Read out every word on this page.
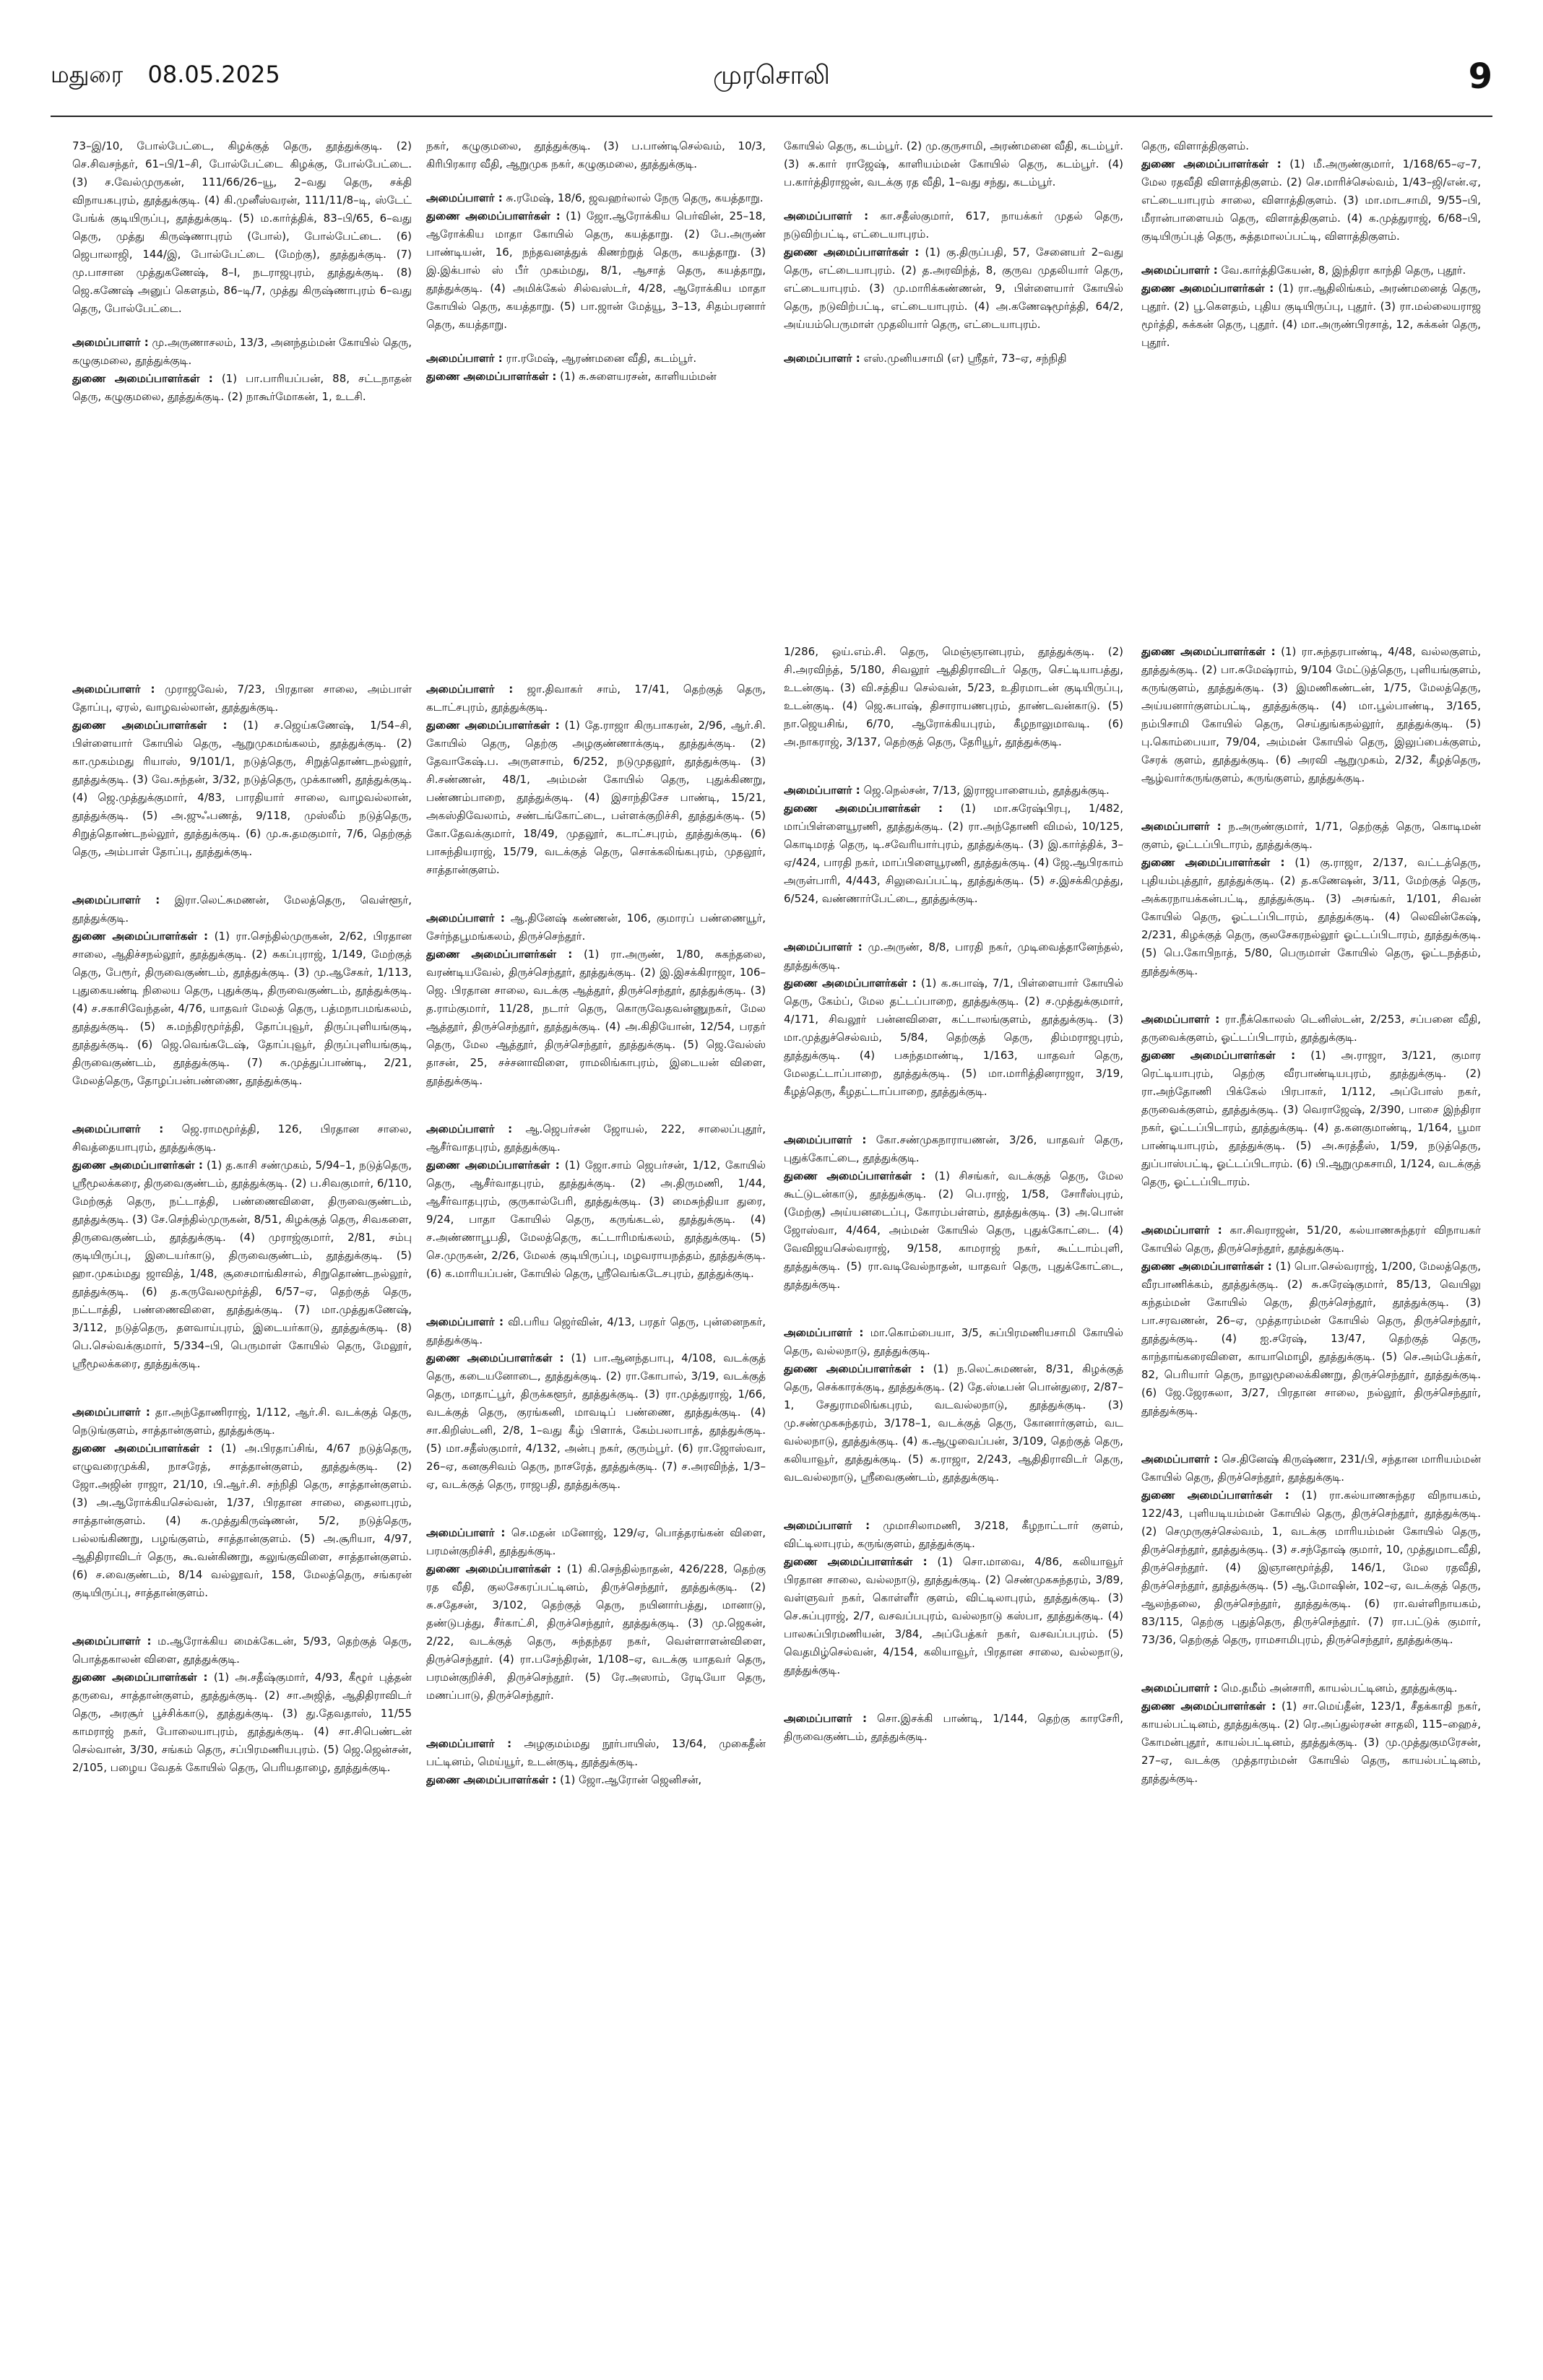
மதுரை 08.05.2025	முரசொலி	9
73–இ/10, போல்பேட்டை, கிழக்குத் தெரு, தூத்துக்குடி. (2) செ.சிவசந்தர், 61–பி/1–சி, போல்பேட்டை கிழக்கு, போல்பேட்டை. (3) ச.வேல்முருகன், 111/66/26–யூ, 2–வது தெரு, சக்தி விநாயகபுரம், தூத்துக்குடி. (4) கி.முனீஸ்வரன், 111/11/8–டி, ஸ்டேட் பேங்க் குடியிருப்பு, தூத்துக்குடி. (5) ம.கார்த்திக், 83–பி/65, 6–வது தெரு, முத்து கிருஷ்ணாபுரம் (போல்), போல்பேட்டை. (6) ஜெபாலாஜி, 144/இ, போல்பேட்டை (மேற்கு), தூத்துக்குடி. (7) மு.பாசான முத்துகணேஷ், 8–I, நடராஜபுரம், தூத்துக்குடி. (8) ஜெ.கணேஷ் அனுப் கௌதம், 86–டி/7, முத்து கிருஷ்ணாபுரம் 6–வது தெரு, போல்பேட்டை.
அமைப்பாளர் : மு.அருணாசலம், 13/3, அனந்தம்மன் கோயில் தெரு, கழுகுமலை, தூத்துக்குடி.
துணை அமைப்பாளர்கள் : (1) பா.பாரியப்பன், 88, சட்டநாதன் தெரு, கழுகுமலை, தூத்துக்குடி. (2) நாகூர்மோகன், 1, உடசி.
அமைப்பாளர் : முராஜவேல், 7/23, பிரதான சாலை, அம்பாள் தோப்பு, ஏரல், வாழவல்லான், தூத்துக்குடி.
துணை அமைப்பாளர்கள் : (1) ச.ஜெய்கணேஷ், 1/54–சி, பிள்ளையார் கோயில் தெரு, ஆறுமுகமங்கலம், தூத்துக்குடி. (2) கா.முகம்மது ரியாஸ், 9/101/1, நடுத்தெரு, சிறுத்தொண்டநல்லூர், தூத்துக்குடி. (3) வே.சுந்தன், 3/32, நடுத்தெரு, முக்காணி, தூத்துக்குடி. (4) ஜெ.முத்துக்குமார், 4/83, பாரதியார் சாலை, வாழவல்லான், தூத்துக்குடி. (5) அ.ஜுஃபணத், 9/118, முஸ்லீம் நடுத்தெரு, சிறுத்தொண்டநல்லூர், தூத்துக்குடி. (6) மு.சு.தமகுமார், 7/6, தெற்குத் தெரு, அம்பாள் தோப்பு, தூத்துக்குடி.
அமைப்பாளர் : இரா.லெட்சுமணன், மேலத்தெரு, வெள்ளூர், தூத்துக்குடி.
துணை அமைப்பாளர்கள் : (1) ரா.செந்தில்முருகன், 2/62, பிரதான சாலை, ஆதிச்சநல்லூர், தூத்துக்குடி. (2) சுகப்புராஜ், 1/149, மேற்குத் தெரு, பேரூர், திருவைகுண்டம், தூத்துக்குடி. (3) மு.ஆசேகர், 1/113, புதுகையண்டி நிலைய தெரு, புதுக்குடி, திருவைகுண்டம், தூத்துக்குடி. (4) ச.சகாசிவேந்தன், 4/76, யாதவர் மேலத் தெரு, பத்மநாபமங்கலம், தூத்துக்குடி. (5) சு.மந்திரமூர்த்தி, தோப்புவூர், திருப்புளியங்குடி, தூத்துக்குடி. (6) ஜெ.வெங்கடேஷ், தோப்புவூர், திருப்புளியங்குடி, திருவைகுண்டம், தூத்துக்குடி. (7) சு.முத்துப்பாண்டி, 2/21, மேலத்தெரு, தோழப்பன்பண்ணை, தூத்துக்குடி.
அமைப்பாளர் : ஜெ.ராமமூர்த்தி, 126, பிரதான சாலை, சிவத்தையாபுரம், தூத்துக்குடி.
துணை அமைப்பாளர்கள் : (1) த.காசி சண்முகம், 5/94–1, நடுத்தெரு, ஸ்ரீமூலக்கரை, திருவைகுண்டம், தூத்துக்குடி. (2) ப.சிவகுமார், 6/110, மேற்குத் தெரு, நட்டாத்தி, பண்ணைவிளை, திருவைகுண்டம், தூத்துக்குடி. (3) சே.செந்தில்முருகன், 8/51, கிழக்குத் தெரு, சிவகளை, திருவைகுண்டம், தூத்துக்குடி. (4) முராஜ்குமார், 2/81, சம்பு குடியிருப்பு, இடையர்காடு, திருவைகுண்டம், தூத்துக்குடி. (5) ஹா.முகம்மது ஜாவித், 1/48, சூசைமாங்கிசால், சிறுதொண்டநல்லூர், தூத்துக்குடி. (6) த.கருவேலமூர்த்தி, 6/57–ஏ, தெற்குத் தெரு, நட்டாத்தி, பண்ணைவிளை, தூத்துக்குடி. (7) மா.முத்துகணேஷ், 3/112, நடுத்தெரு, தளவாய்புரம், இடையர்காடு, தூத்துக்குடி. (8) பெ.செல்வக்குமார், 5/334–பி, பெருமாள் கோயில் தெரு, மேலூர், ஸ்ரீமூலக்கரை, தூத்துக்குடி.
அமைப்பாளர் : தா.அந்தோணிராஜ், 1/112, ஆர்.சி. வடக்குத் தெரு, நெடுங்குளம், சாத்தான்குளம், தூத்துக்குடி.
துணை அமைப்பாளர்கள் : (1) அ.பிரதாப்சிங், 4/67 நடுத்தெரு, எழுவரைமுக்கி, நாசரேத், சாத்தான்குளம், தூத்துக்குடி. (2) ஜோ.அஜின் ராஜா, 21/10, பி.ஆர்.சி. சந்நிதி தெரு, சாத்தான்குளம். (3) அ.ஆரோக்கியசெல்வன், 1/37, பிரதான சாலை, தைலாபுரம், சாத்தான்குளம். (4) சு.முத்துகிருஷ்ணன், 5/2, நடுத்தெரு, பல்லங்கிணறு, பழங்குளம், சாத்தான்குளம். (5) அ.சூரியா, 4/97, ஆதிதிராவிடர் தெரு, கூ.வன்கிணறு, கலுங்குவிளை, சாத்தான்குளம். (6) ச.வைகுண்டம், 8/14 வல்லூவர், 158, மேலத்தெரு, சங்கரன் குடியிருப்பு, சாத்தான்குளம்.
அமைப்பாளர் : ம.ஆரோக்கிய மைக்கேடன், 5/93, தெற்குத் தெரு, பொத்தகாலன் விளை, தூத்துக்குடி.
துணை அமைப்பாளர்கள் : (1) அ.சதீஷ்குமார், 4/93, கீழூர் புத்தன் தருவை, சாத்தான்குளம், தூத்துக்குடி. (2) சா.அஜித், ஆதிதிராவிடர் தெரு, அரசூர் பூச்சிக்காடு, தூத்துக்குடி. (3) து.தேவதாஸ், 11/55 காமராஜ் நகர், போலையாபுரம், தூத்துக்குடி. (4) சா.சிபெண்டன் செல்வான், 3/30, சங்கம் தெரு, சப்பிரமணியபுரம். (5) ஜெ.ஜென்சன், 2/105, பழைய வேதக் கோயில் தெரு, பெரியதாழை, தூத்துக்குடி.
நகர், கழுகுமலை, தூத்துக்குடி. (3) ப.பாண்டிசெல்வம், 10/3, கிரிபிரகார வீதி, ஆறுமுக நகர், கழுகுமலை, தூத்துக்குடி.
அமைப்பாளர் : சு.ரமேஷ், 18/6, ஜவஹர்லால் நேரு தெரு, கயத்தாறு.
துணை அமைப்பாளர்கள் : (1) ஜோ.ஆரோக்கிய பெர்வின், 25–18, ஆரோக்கிய மாதா கோயில் தெரு, கயத்தாறு. (2) பே.அருண் பாண்டியன், 16, நந்தவனத்துக் கிணற்றுத் தெரு, கயத்தாறு. (3) இ.இக்பால் ஸ் பீர் முகம்மது, 8/1, ஆசாத் தெரு, கயத்தாறு, தூத்துக்குடி. (4) அமிக்கேல் சில்வஸ்டர், 4/28, ஆரோக்கிய மாதா கோயில் தெரு, கயத்தாறு. (5) பா.ஜான் மேத்யூ, 3–13, சிதம்பரனார் தெரு, கயத்தாறு.
அமைப்பாளர் : ரா.ரமேஷ், ஆரண்மனை வீதி, கடம்பூர்.
துணை அமைப்பாளர்கள் : (1) சு.சுளையரசன், காளியம்மன்
அமைப்பாளர் : ஜா.திவாகர் சாம், 17/41, தெற்குத் தெரு, கடாட்சபுரம், தூத்துக்குடி.
துணை அமைப்பாளர்கள் : (1) தே.ராஜா கிருபாகரன், 2/96, ஆர்.சி. கோயில் தெரு, தெற்கு அழகுண்ணாக்குடி, தூத்துக்குடி. (2) தேவாகேஷ்.ப. அருளசாம், 6/252, நடுமுதலூர், தூத்துக்குடி. (3) சி.சண்ணன், 48/1, அம்மன் கோயில் தெரு, புதுக்கிணறு, பண்ணம்பாறை, தூத்துக்குடி. (4) இசாந்திசேச பாண்டி, 15/21, அகஸ்திவேலாம், சண்டங்கோட்டை, பள்ளக்குறிச்சி, தூத்துக்குடி. (5) கோ.தேவக்குமார், 18/49, முதலூர், கடாட்சபுரம், தூத்துக்குடி. (6) பாசுந்தியராஜ், 15/79, வடக்குத் தெரு, சொக்கலிங்கபுரம், முதலூர், சாத்தான்குளம்.
அமைப்பாளர் : ஆ.தினேஷ் கண்ணன், 106, குமாரப் பண்ணையூர், சேர்ந்தபூமங்கலம், திருச்செந்தூர்.
துணை அமைப்பாளர்கள் : (1) ரா.அருண், 1/80, சுகந்தலை, வரண்டியவேல், திருச்செந்தூர், தூத்துக்குடி. (2) இ.இசக்கிராஜா, 106–ஜெ. பிரதான சாலை, வடக்கு ஆத்தூர், திருச்செந்தூர், தூத்துக்குடி. (3) த.ராம்குமார், 11/28, நடார் தெரு, கொருவேதவன்ணுநகர், மேல ஆத்தூர், திருச்செந்தூர், தூத்துக்குடி. (4) அ.கிதியோன், 12/54, பரதர் தெரு, மேல ஆத்தூர், திருச்செந்தூர், தூத்துக்குடி. (5) ஜெ.வேல்ஸ் தாசன், 25, சச்சனாவிளை, ராமலிங்காபுரம், இடையன் விளை, தூத்துக்குடி.
அமைப்பாளர் : ஆ.ஜெபர்சன் ஜோயல், 222, சாலைப்புதூர், ஆசீர்வாதபுரம், தூத்துக்குடி.
துணை அமைப்பாளர்கள் : (1) ஜோ.சாம் ஜெபர்சன், 1/12, கோயில் தெரு, ஆசீர்வாதபுரம், தூத்துக்குடி. (2) அ.திருமணி, 1/44, ஆசீர்வாதபுரம், குருகால்பேரி, தூத்துக்குடி. (3) மைசுந்தியா துரை, 9/24, பாதா கோயில் தெரு, கருங்கடல், தூத்துக்குடி. (4) ச.அண்ணாபூபதி, மேலத்தெரு, கட்டாரிமங்கலம், தூத்துக்குடி. (5) செ.முருகன், 2/26, மேலக் குடியிருப்பு, மழவராயநத்தம், தூத்துக்குடி. (6) க.மாரியப்பன், கோயில் தெரு, ஸ்ரீவெங்கடேசபுரம், தூத்துக்குடி.
அமைப்பாளர் : வி.பரிய ஜெர்வின், 4/13, பரதர் தெரு, புன்னைநகர், தூத்துக்குடி.
துணை அமைப்பாளர்கள் : (1) பா.ஆனந்தபாபு, 4/108, வடக்குத் தெரு, கடையனோடை, தூத்துக்குடி. (2) ரா.கோபால், 3/19, வடக்குத் தெரு, மாதாட்பூர், திருக்களூர், தூத்துக்குடி. (3) ரா.முத்துராஜ், 1/66, வடக்குத் தெரு, குரங்கனி, மாவடிப் பண்ணை, தூத்துக்குடி. (4) சா.கிறிஸ்டனி, 2/8, 1–வது கீழ் பிளாக், கேம்பலாபாத், தூத்துக்குடி. (5) மா.சதீஸ்குமார், 4/132, அன்பு நகர், குரும்பூர். (6) ரா.ஜோஸ்வா, 26–ஏ, கனகுசிவம் தெரு, நாசரேத், தூத்துக்குடி. (7) ச.அரவிந்த், 1/3–ஏ, வடக்குத் தெரு, ராஜபதி, தூத்துக்குடி.
அமைப்பாளர் : செ.மதன் மனோஜ், 129/ஏ, பொத்தரங்கன் விளை, பரமன்குறிச்சி, தூத்துக்குடி.
துணை அமைப்பாளர்கள் : (1) கி.செந்தில்நாதன், 426/228, தெற்கு ரத வீதி, குலசேகரப்பட்டினம், திருச்செந்தூர், தூத்துக்குடி. (2) சு.சதேசன், 3/102, தெற்குத் தெரு, நயினார்பத்து, மானாடு, தண்டுபத்து, சீர்காட்சி, திருச்செந்தூர், தூத்துக்குடி. (3) மு.ஜெகன், 2/22, வடக்குத் தெரு, சுந்தந்தர நகர், வெள்ளாளன்விளை, திருச்செந்தூர். (4) ரா.பசேந்திரன், 1/108–ஏ, வடக்கு யாதவர் தெரு, பரமன்குறிச்சி, திருச்செந்தூர். (5) ரே.அஸாம், ரேடியோ தெரு, மணப்பாடு, திருச்செந்தூர்.
அமைப்பாளர் : அழகுமம்மது நூர்பாயிஸ், 13/64, முகைதீன் பட்டினம், மெய்யூர், உடன்குடி, தூத்துக்குடி.
துணை அமைப்பாளர்கள் : (1) ஜோ.ஆரோன் ஜெனிசன்,
கோயில் தெரு, கடம்பூர். (2) மு.குருசாமி, அரண்மனை வீதி, கடம்பூர். (3) சு.கார் ராஜேஷ், காளியம்மன் கோயில் தெரு, கடம்பூர். (4) ப.கார்த்திராஜன், வடக்கு ரத வீதி, 1–வது சந்து, கடம்பூர்.
அமைப்பாளர் : கா.சதீஸ்குமார், 617, நாயக்கர் முதல் தெரு, நடுவிற்பட்டி, எட்டையாபுரம்.
துணை அமைப்பாளர்கள் : (1) கு.திருப்பதி, 57, சேனையர் 2–வது தெரு, எட்டையாபுரம். (2) த.அரவிந்த், 8, குருவ முதலியார் தெரு, எட்டையாபுரம். (3) மு.மாரிக்கண்ணன், 9, பிள்ளையார் கோயில் தெரு, நடுவிற்பட்டி, எட்டையாபுரம். (4) அ.கணேஷமூர்த்தி, 64/2, அய்யம்பெருமாள் முதலியார் தெரு, எட்டையாபுரம்.
அமைப்பாளர் : எஸ்.முனியசாமி (எ) ஸ்ரீதர், 73–ஏ, சந்நிதி
1/286, ஒய்.எம்.சி. தெரு, மெஞ்ஞானபுரம், தூத்துக்குடி. (2) சி.அரவிந்த், 5/180, சிவலூர் ஆதிதிராவிடர் தெரு, செட்டியாபத்து, உடன்குடி. (3) வி.சத்திய செல்வன், 5/23, உதிரமாடன் குடியிருப்பு, உடன்குடி. (4) ஜெ.சுபாஷ், திசாராயணபுரம், தாண்டவன்காடு. (5) நா.ஜெயசிங், 6/70, ஆரோக்கியபுரம், கீழநாலுமாவடி. (6) அ.நாகராஜ், 3/137, தெற்குத் தெரு, தேரியூர், தூத்துக்குடி.
அமைப்பாளர் : ஜெ.நெல்சன், 7/13, இராஜபாளையம், தூத்துக்குடி.
துணை அமைப்பாளர்கள் : (1) மா.சுரேஷ்பிரபு, 1/482, மாப்பிள்ளையூரணி, தூத்துக்குடி. (2) ரா.அந்தோணி விமல், 10/125, கொடிமரத் தெரு, டி.சவேரியார்புரம், தூத்துக்குடி. (3) இ.கார்த்திக், 3–ஏ/424, பாரதி நகர், மாப்பிளையூரணி, தூத்துக்குடி. (4) ஜே.ஆபிரகாம் அருள்பாரி, 4/443, சிலுவைப்பட்டி, தூத்துக்குடி. (5) ச.இசக்கிமுத்து, 6/524, வண்ணார்பேட்டை, தூத்துக்குடி.
அமைப்பாளர் : மு.அருண், 8/8, பாரதி நகர், முடிவைத்தானேந்தல், தூத்துக்குடி.
துணை அமைப்பாளர்கள் : (1) க.சுபாஷ், 7/1, பிள்ளையார் கோயில் தெரு, கேம்ப், மேல தட்டப்பாறை, தூத்துக்குடி. (2) ச.முத்துக்குமார், 4/171, சிவலூர் பன்னவிளை, கட்டாலங்குளம், தூத்துக்குடி. (3) மா.முத்துச்செல்வம், 5/84, தெற்குத் தெரு, திம்மராஜபுரம், தூத்துக்குடி. (4) பசுந்தமாண்டி, 1/163, யாதவர் தெரு, மேலதட்டாப்பாறை, தூத்துக்குடி. (5) மா.மாரித்தினராஜா, 3/19, கீழத்தெரு, கீழதட்டாப்பாறை, தூத்துக்குடி.
அமைப்பாளர் : கோ.சண்முகநாராயணன், 3/26, யாதவர் தெரு, புதுக்கோட்டை, தூத்துக்குடி.
துணை அமைப்பாளர்கள் : (1) சிசங்கர், வடக்குத் தெரு, மேல கூட்டுடன்காடு, தூத்துக்குடி. (2) பெ.ராஜ், 1/58, சோரீஸ்புரம், (மேற்கு) அய்யனடைப்பு, கோரம்பள்ளம், தூத்துக்குடி. (3) அ.பொன் ஜோஸ்வா, 4/464, அம்மன் கோயில் தெரு, புதுக்கோட்டை. (4) வேவிஜயசெல்வராஜ், 9/158, காமராஜ் நகர், கூட்டாம்புளி, தூத்துக்குடி. (5) ரா.வடிவேல்நாதன், யாதவர் தெரு, புதுக்கோட்டை, தூத்துக்குடி.
அமைப்பாளர் : மா.கொம்பையா, 3/5, சுப்பிரமணியசாமி கோயில் தெரு, வல்லநாடு, தூத்துக்குடி.
துணை அமைப்பாளர்கள் : (1) ந.லெட்சுமணன், 8/31, கிழக்குத் தெரு, செக்காரக்குடி, தூத்துக்குடி. (2) தே.ஸ்டீபன் பொன்துரை, 2/87–1, சேதுராமலிங்கபுரம், வடவல்லநாடு, தூத்துக்குடி. (3) மு.சண்முகசுந்தரம், 3/178–1, வடக்குத் தெரு, கோனார்குளம், வட வல்லநாடு, தூத்துக்குடி. (4) க.ஆழுவைப்பன், 3/109, தெற்குத் தெரு, கலியாவூர், தூத்துக்குடி. (5) க.ராஜா, 2/243, ஆதிதிராவிடர் தெரு, வடவல்லநாடு, ஸ்ரீவைகுண்டம், தூத்துக்குடி.
அமைப்பாளர் : முமாசிலாமணி, 3/218, கீழநாட்டார் குளம், விட்டிலாபுரம், கருங்குளம், தூத்துக்குடி.
துணை அமைப்பாளர்கள் : (1) சொ.மாவை, 4/86, கலியாவூர் பிரதான சாலை, வல்லநாடு, தூத்துக்குடி. (2) செண்முகசுந்தரம், 3/89, வள்ளுவர் நகர், கொள்ளீர் குளம், விட்டிலாபுரம், தூத்துக்குடி. (3) செ.சுப்புராஜ், 2/7, வசவப்பபுரம், வல்லநாடு கஸ்பா, தூத்துக்குடி. (4) பாலசுப்பிரமணியன், 3/84, அப்பேத்கர் நகர், வசவப்பபுரம். (5) வெதமிழ்செல்வன், 4/154, கலியாவூர், பிரதான சாலை, வல்லநாடு, தூத்துக்குடி.
அமைப்பாளர் : சொ.இசக்கி பாண்டி, 1/144, தெற்கு காரசேரி, திருவைகுண்டம், தூத்துக்குடி.
தெரு, விளாத்திகுளம்.
துணை அமைப்பாளர்கள் : (1) மீ.அருண்குமார், 1/168/65–ஏ–7, மேல ரதவீதி விளாத்திகுளம். (2) செ.மாரிச்செல்வம், 1/43–ஜி/என்.ஏ, எட்டையாபுரம் சாலை, விளாத்திகுளம். (3) மா.மாடசாமி, 9/55–பி, மீரான்பாளையம் தெரு, விளாத்திகுளம். (4) க.முத்துராஜ், 6/68–பி, குடியிருப்புத் தெரு, சுத்தமாலப்பட்டி, விளாத்திகுளம்.
அமைப்பாளர் : வே.கார்த்திகேயன், 8, இந்திரா காந்தி தெரு, புதூர்.
துணை அமைப்பாளர்கள் : (1) ரா.ஆதிலிங்கம், அரண்மனைத் தெரு, புதூர். (2) பூ.கௌதம், புதிய குடியிருப்பு, புதூர். (3) ரா.மல்லையராஜ மூர்த்தி, சுக்கன் தெரு, புதூர். (4) மா.அருண்பிரசாத், 12, சுக்கன் தெரு, புதூர்.
துணை அமைப்பாளர்கள் : (1) ரா.சுந்தரபாண்டி, 4/48, வல்லகுளம், தூத்துக்குடி. (2) பா.சுமேஷ்ராம், 9/104 மேட்டுத்தெரு, புளியங்குளம், கருங்குளம், தூத்துக்குடி. (3) இமணிகண்டன், 1/75, மேலத்தெரு, அய்யனார்குளம்பட்டி, தூத்துக்குடி. (4) மா.பூல்பாண்டி, 3/165, நம்பிசாமி கோயில் தெரு, செய்துங்கநல்லூர், தூத்துக்குடி. (5) பு.கொம்பையா, 79/04, அம்மன் கோயில் தெரு, இலுப்பைக்குளம், சேரக் குளம், தூத்துக்குடி. (6) அரவி ஆறுமுகம், 2/32, கீழத்தெரு, ஆழ்வார்கருங்குளம், கருங்குளம், தூத்துக்குடி.
அமைப்பாளர் : ந.அருண்குமார், 1/71, தெற்குத் தெரு, கொடிமன் குளம், ஓட்டப்பிடாரம், தூத்துக்குடி.
துணை அமைப்பாளர்கள் : (1) கு.ராஜா, 2/137, வட்டத்தெரு, புதியம்புத்தூர், தூத்துக்குடி. (2) த.கணேஷன், 3/11, மேற்குத் தெரு, அக்கரநாயக்கன்பட்டி, தூத்துக்குடி. (3) அசங்கர், 1/101, சிவன் கோயில் தெரு, ஓட்டப்பிடாரம், தூத்துக்குடி. (4) லெவின்கேஷ், 2/231, கிழக்குத் தெரு, குலசேகரநல்லூர் ஓட்டப்பிடாரம், தூத்துக்குடி. (5) பெ.கோபிநாத், 5/80, பெருமாள் கோயில் தெரு, ஓட்டநத்தம், தூத்துக்குடி.
அமைப்பாளர் : ரா.நீக்கொலஸ் டெனிஸ்டன், 2/253, சப்பனை வீதி, தருவைக்குளம், ஓட்டப்பிடாரம், தூத்துக்குடி.
துணை அமைப்பாளர்கள் : (1) அ.ராஜா, 3/121, குமார ரெட்டியாபுரம், தெற்கு வீரபாண்டியபுரம், தூத்துக்குடி. (2) ரா.அந்தோணி பிக்கேல் பிரபாகர், 1/112, அப்போஸ் நகர், தருவைக்குளம், தூத்துக்குடி. (3) வெராஜேஷ், 2/390, பாசை இந்திரா நகர், ஓட்டப்பிடாரம், தூத்துக்குடி. (4) த.கனகுமாண்டி, 1/164, பூமா பாண்டியாபுரம், தூத்துக்குடி. (5) அ.சுரத்தீஸ், 1/59, நடுத்தெரு, துப்பாஸ்பட்டி, ஓட்டப்பிடாரம். (6) பி.ஆறுமுகசாமி, 1/124, வடக்குத் தெரு, ஓட்டப்பிடாரம்.
அமைப்பாளர் : கா.சிவராஜன், 51/20, கல்யாணசுந்தரர் விநாயகர் கோயில் தெரு, திருச்செந்தூர், தூத்துக்குடி.
துணை அமைப்பாளர்கள் : (1) பொ.செல்வராஜ், 1/200, மேலத்தெரு, வீரபாணிக்கம், தூத்துக்குடி. (2) சு.சுரேஷ்குமார், 85/13, வெயிலு கந்தம்மன் கோயில் தெரு, திருச்செந்தூர், தூத்துக்குடி. (3) பா.சரவணன், 26–ஏ, முத்தாரம்மன் கோயில் தெரு, திருச்செந்தூர், தூத்துக்குடி. (4) ஐ.சரேஷ், 13/47, தெற்குத் தெரு, காந்தாங்கரைவிளை, காயாமொழி, தூத்துக்குடி. (5) செ.அம்பேத்கர், 82, பெரியார் தெரு, நாலுமூலைக்கிணறு, திருச்செந்தூர், தூத்துக்குடி. (6) ஜே.ஜேரசுலா, 3/27, பிரதான சாலை, நல்லூர், திருச்செந்தூர், தூத்துக்குடி.
அமைப்பாளர் : செ.தினேஷ் கிருஷ்ணா, 231/பி, சந்தான மாரியம்மன் கோயில் தெரு, திருச்செந்தூர், தூத்துக்குடி.
துணை அமைப்பாளர்கள் : (1) ரா.கல்யாணசுந்தர விநாயகம், 122/43, புளியடியம்மன் கோயில் தெரு, திருச்செந்தூர், தூத்துக்குடி.(2) செமுருகுச்செல்வம், 1, வடக்கு மாரியம்மன் கோயில் தெரு, திருச்செந்தூர், தூத்துக்குடி. (3) ச.சந்தோஷ் குமார், 10, முத்துமாடவீதி, திருச்செந்தூர். (4) இஞானமூர்த்தி, 146/1, மேல ரதவீதி, திருச்செந்தூர், தூத்துக்குடி. (5) ஆ.மோஷின், 102–ஏ, வடக்குத் தெரு, ஆலந்தலை, திருச்செந்தூர், தூத்துக்குடி. (6) ரா.வள்ளிநாயகம், 83/115, தெற்கு புதுத்தெரு, திருச்செந்தூர். (7) ரா.பட்டுக் குமார், 73/36, தெற்குத் தெரு, ராமசாமிபுரம், திருச்செந்தூர், தூத்துக்குடி.
அமைப்பாளர் : மெ.தமீம் அன்சாரி, காயல்பட்டினம், தூத்துக்குடி.
துணை அமைப்பாளர்கள் : (1) சா.மெய்தீன், 123/1, சீதக்காதி நகர், காயல்பட்டினம், தூத்துக்குடி. (2) ரெ.அப்துல்ரசன் சாதலி, 115–ஹைச், கோமன்புதூர், காயல்பட்டினம், தூத்துக்குடி. (3) மு.முத்துகுமரேசன், 27–ஏ, வடக்கு முத்தாரம்மன் கோயில் தெரு, காயல்பட்டினம், தூத்துக்குடி.
